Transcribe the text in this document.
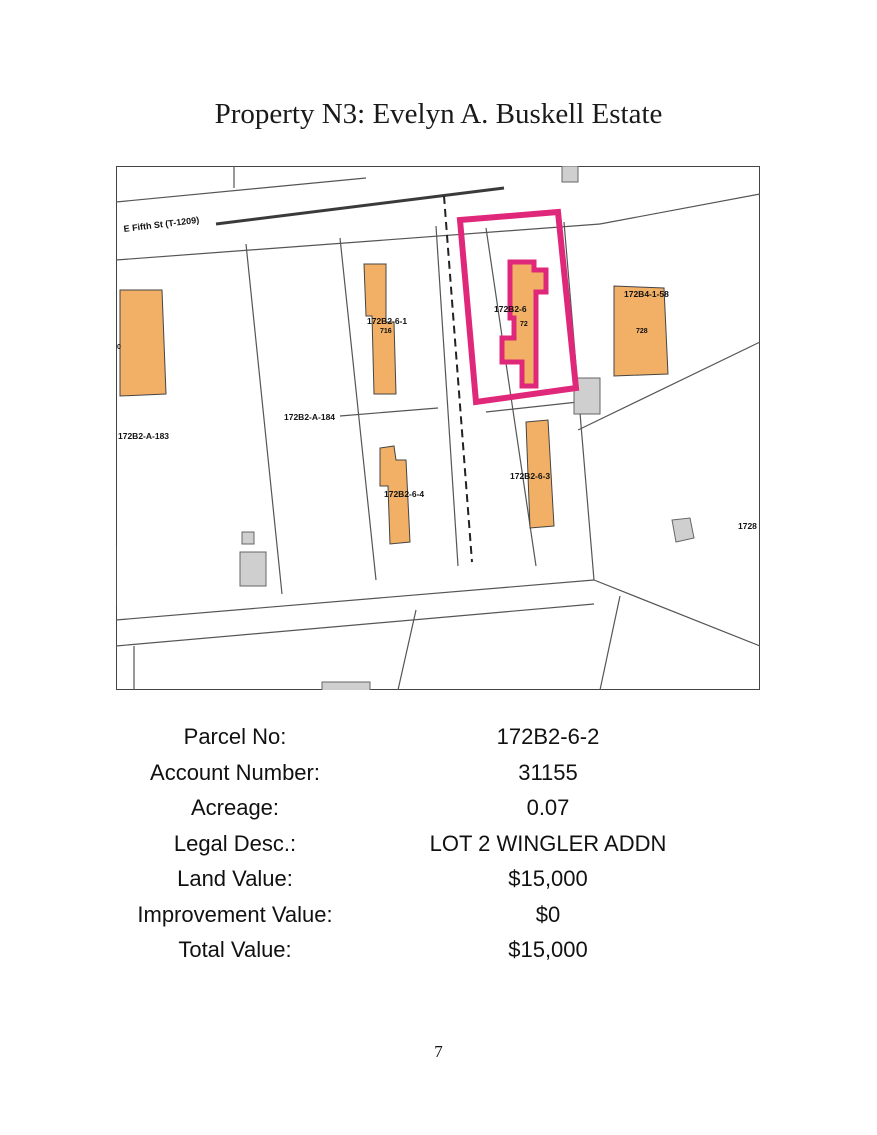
Property N3: Evelyn A. Buskell Estate
E Fifth St (T-1209)
172B2-A-183
172B2-A-184
172B2-6-1
716
172B2-6
72
172B2-6-3
172B2-6-4
172B4-1-58
728
1728
0
Parcel No:	172B2-6-2
Account Number:	31155
Acreage:	0.07
Legal Desc.:	LOT 2 WINGLER ADDN
Land Value:	$15,000
Improvement Value:	$0
Total Value:	$15,000
7
